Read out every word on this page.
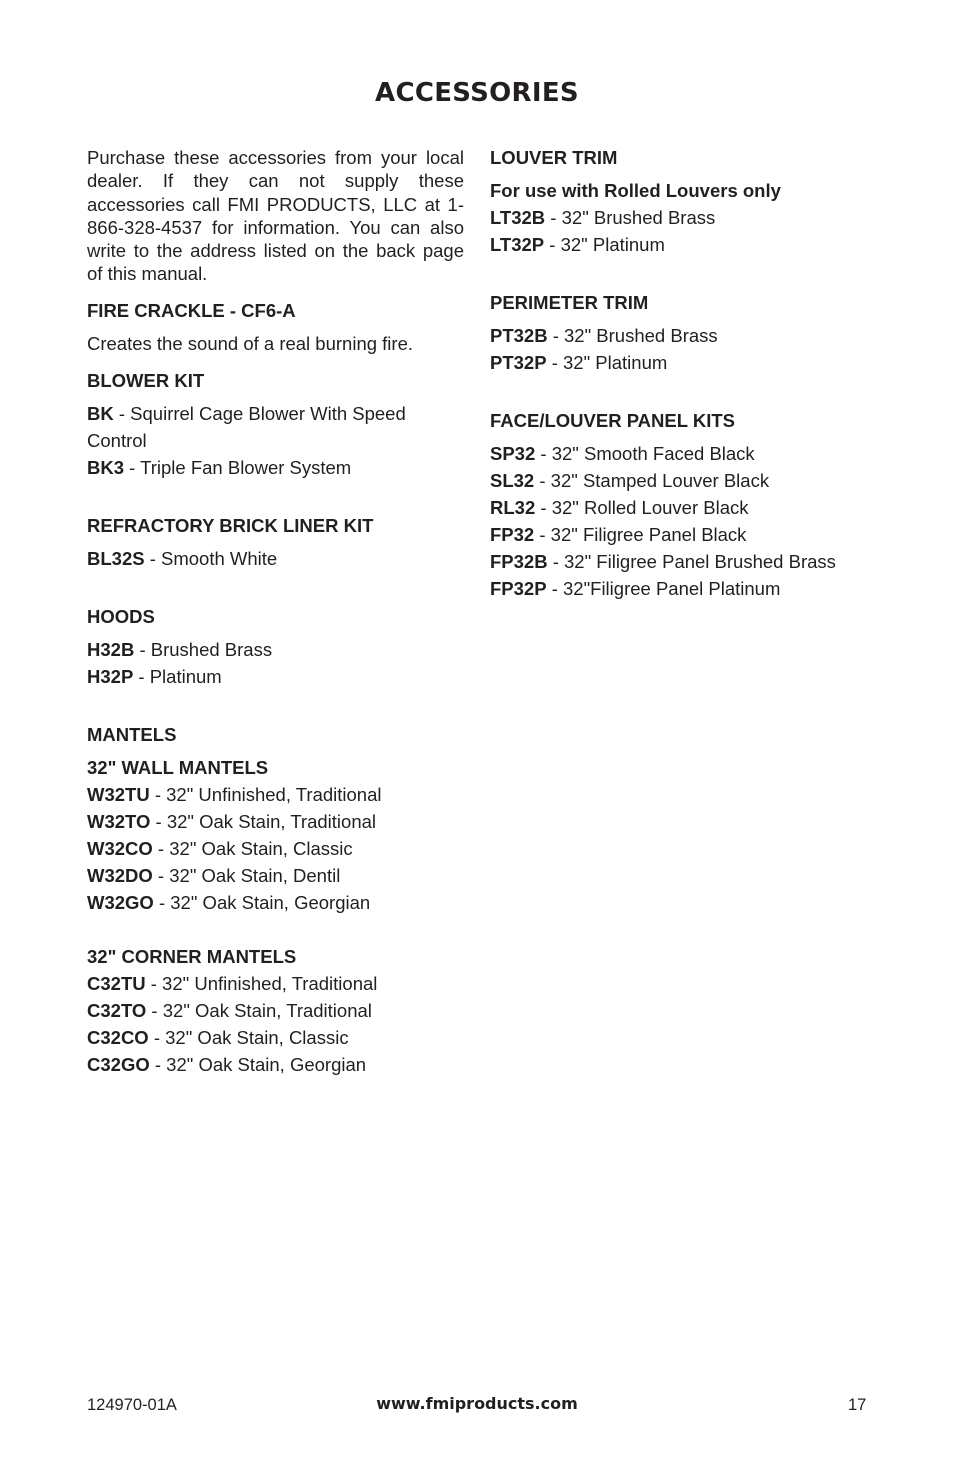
ACCESSORIES

Purchase these accessories from your local dealer. If they can not supply these accessories call FMI PRODUCTS, LLC at 1-866-328-4537 for information. You can also write to the address listed on the back page of this manual.

FIRE CRACKLE - CF6-A
Creates the sound of a real burning fire.
BLOWER KIT
BK - Squirrel Cage Blower With Speed Control
BK3 - Triple Fan Blower System
REFRACTORY BRICK LINER KIT
BL32S - Smooth White
HOODS
H32B - Brushed Brass
H32P - Platinum
MANTELS
32" WALL MANTELS
W32TU - 32" Unfinished, Traditional
W32TO - 32" Oak Stain, Traditional
W32CO - 32" Oak Stain, Classic
W32DO - 32" Oak Stain, Dentil
W32GO - 32" Oak Stain, Georgian
32" CORNER MANTELS
C32TU - 32" Unfinished, Traditional
C32TO - 32" Oak Stain, Traditional
C32CO - 32" Oak Stain, Classic
C32GO - 32" Oak Stain, Georgian
LOUVER TRIM
For use with Rolled Louvers only
LT32B - 32" Brushed Brass
LT32P - 32" Platinum
PERIMETER TRIM
PT32B - 32" Brushed Brass
PT32P - 32" Platinum
FACE/LOUVER PANEL KITS
SP32 - 32" Smooth Faced Black
SL32 - 32" Stamped Louver Black
RL32 - 32" Rolled Louver Black
FP32 - 32" Filigree Panel Black
FP32B - 32" Filigree Panel Brushed Brass
FP32P - 32"Filigree Panel Platinum
124970-01A	www.fmiproducts.com	17
